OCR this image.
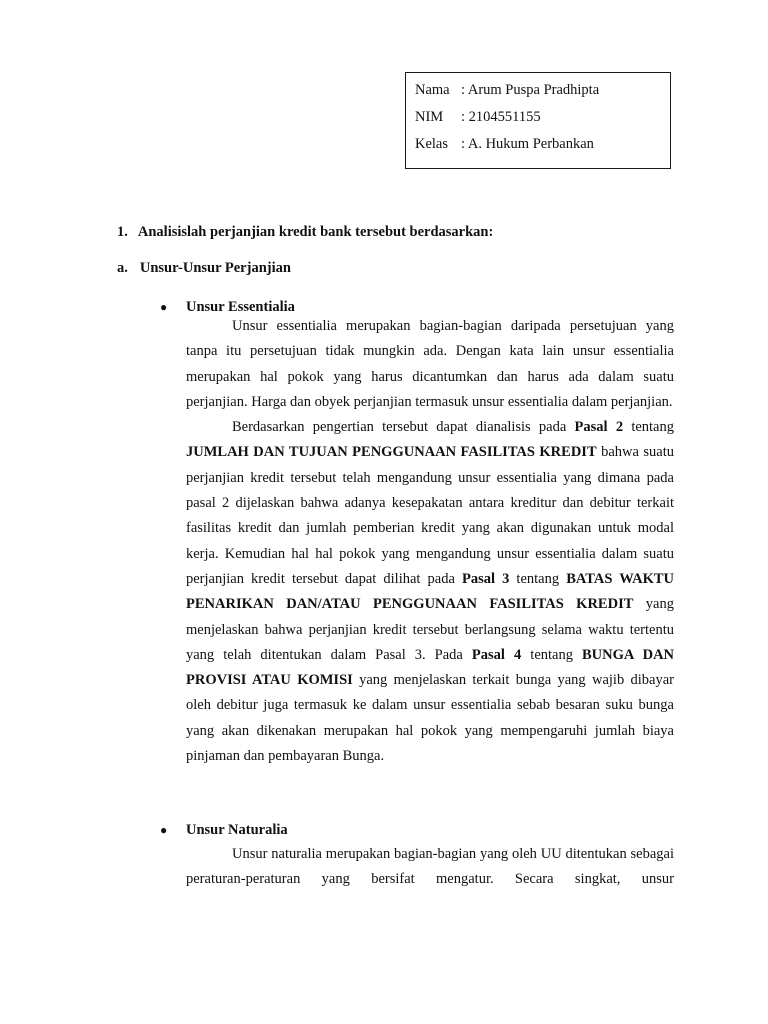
Nama : Arum Puspa Pradhipta
NIM	: 2104551155
Kelas : A. Hukum Perbankan
1. Analisislah perjanjian kredit bank tersebut berdasarkan:
a. Unsur-Unsur Perjanjian
●	Unsur Essentialia

Unsur essentialia merupakan bagian-bagian daripada persetujuan yang tanpa itu persetujuan tidak mungkin ada. Dengan kata lain unsur essentialia merupakan hal pokok yang harus dicantumkan dan harus ada dalam suatu perjanjian. Harga dan obyek perjanjian termasuk unsur essentialia dalam perjanjian.

Berdasarkan pengertian tersebut dapat dianalisis pada Pasal 2 tentang JUMLAH DAN TUJUAN PENGGUNAAN FASILITAS KREDIT bahwa suatu perjanjian kredit tersebut telah mengandung unsur essentialia yang dimana pada pasal 2 dijelaskan bahwa adanya kesepakatan antara kreditur dan debitur terkait fasilitas kredit dan jumlah pemberian kredit yang akan digunakan untuk modal kerja. Kemudian hal hal pokok yang mengandung unsur essentialia dalam suatu perjanjian kredit tersebut dapat dilihat pada Pasal 3 tentang BATAS WAKTU PENARIKAN DAN/ATAU PENGGUNAAN FASILITAS KREDIT yang menjelaskan bahwa perjanjian kredit tersebut berlangsung selama waktu tertentu yang telah ditentukan dalam Pasal 3. Pada Pasal 4 tentang BUNGA DAN PROVISI ATAU KOMISI yang menjelaskan terkait bunga yang wajib dibayar oleh debitur juga termasuk ke dalam unsur essentialia sebab besaran suku bunga yang akan dikenakan merupakan hal pokok yang mempengaruhi jumlah biaya pinjaman dan pembayaran Bunga.

●	Unsur Naturalia

Unsur naturalia merupakan bagian-bagian yang oleh UU ditentukan sebagai peraturan-peraturan yang bersifat mengatur. Secara singkat, unsur
